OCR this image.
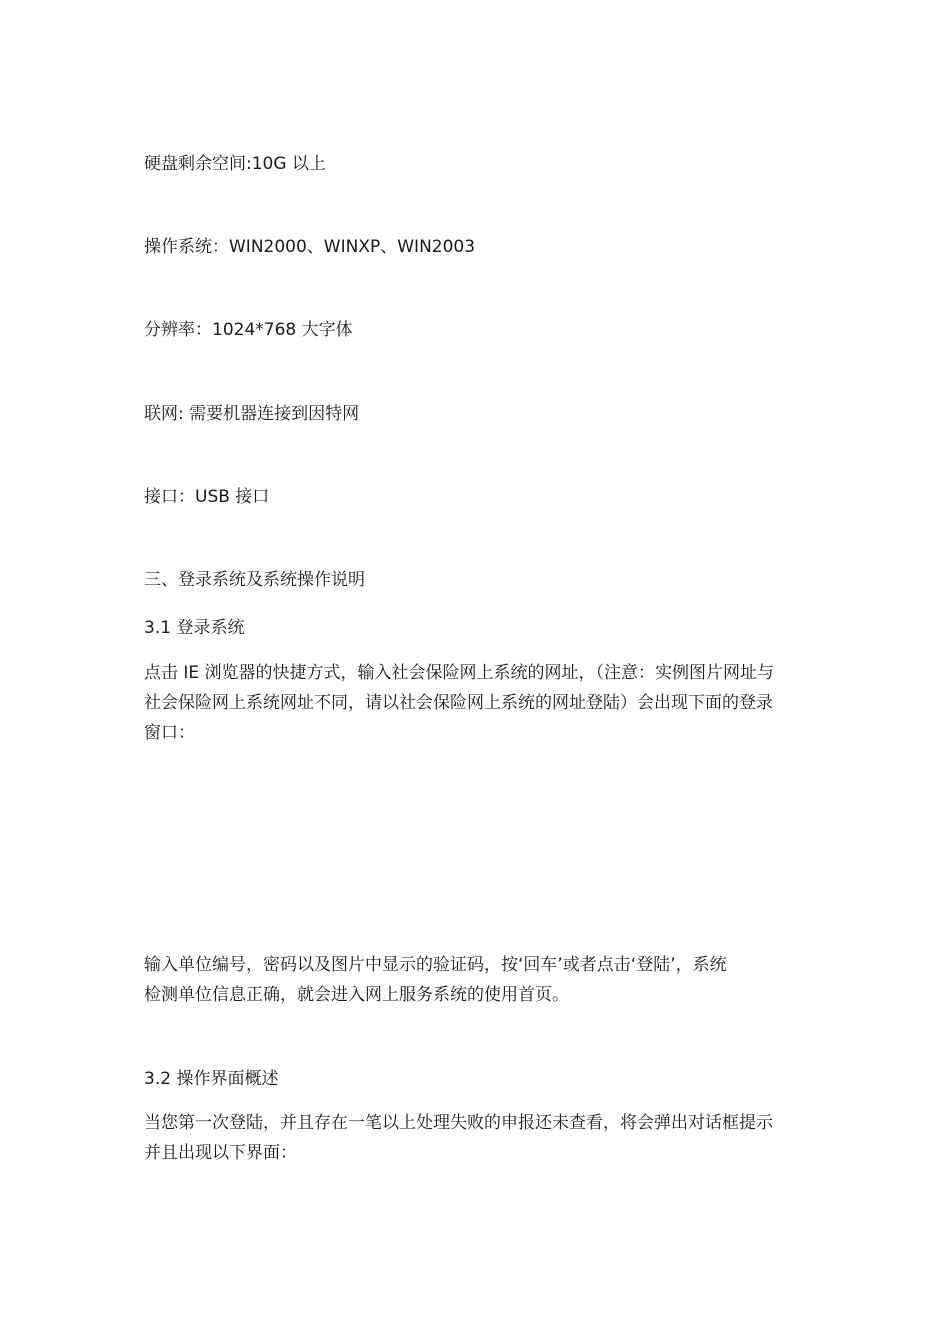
硬盘剩余空间:10G 以上
操作系统：WIN2000、WINXP、WIN2003
分辨率：1024*768 大字体
联网: 需要机器连接到因特网
接口：USB 接口
三、登录系统及系统操作说明
3.1 登录系统
点击 IE 浏览器的快捷方式，输入社会保险网上系统的网址，（注意：实例图片网址与
社会保险网上系统网址不同，请以社会保险网上系统的网址登陆）会出现下面的登录
窗口：
输入单位编号，密码以及图片中显示的验证码，按‘回车’或者点击‘登陆’，系统
检测单位信息正确，就会进入网上服务系统的使用首页。
3.2 操作界面概述
当您第一次登陆，并且存在一笔以上处理失败的申报还未查看，将会弹出对话框提示
并且出现以下界面：
